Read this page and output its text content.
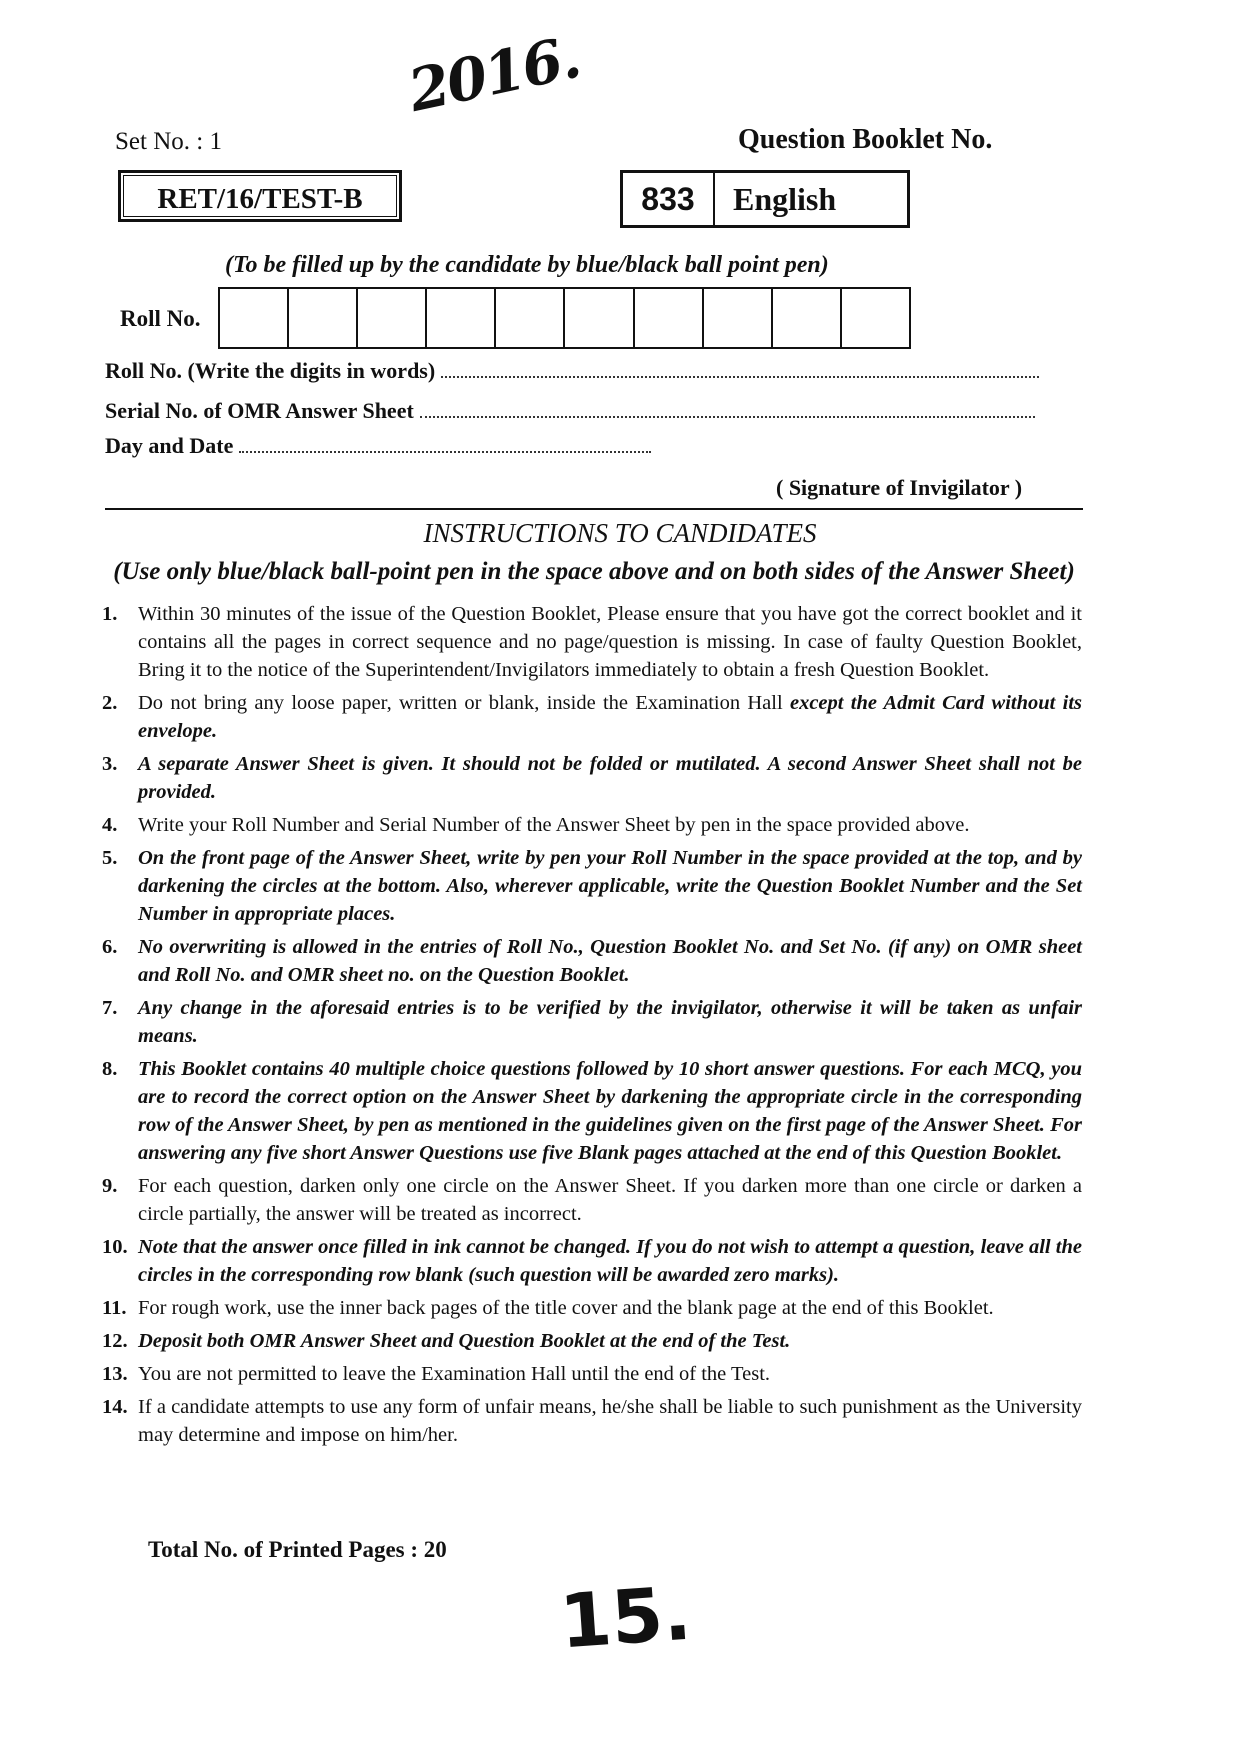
2016.
Set No. : 1	Question Booklet No.
RET/16/TEST-B	833	English
(To be filled up by the candidate by blue/black ball point pen)
Roll No.
Roll No. (Write the digits in words)
Serial No. of OMR Answer Sheet
Day and Date
( Signature of Invigilator )
INSTRUCTIONS TO CANDIDATES
(Use only blue/black ball-point pen in the space above and on both sides of the Answer Sheet)
1.	Within 30 minutes of the issue of the Question Booklet, Please ensure that you have got the correct booklet and it contains all the pages in correct sequence and no page/question is missing. In case of faulty Question Booklet, Bring it to the notice of the Superintendent/Invigilators immediately to obtain a fresh Question Booklet.
2.	Do not bring any loose paper, written or blank, inside the Examination Hall except the Admit Card without its envelope.
3.	A separate Answer Sheet is given. It should not be folded or mutilated. A second Answer Sheet shall not be provided.
4.	Write your Roll Number and Serial Number of the Answer Sheet by pen in the space provided above.
5.	On the front page of the Answer Sheet, write by pen your Roll Number in the space provided at the top, and by darkening the circles at the bottom. Also, wherever applicable, write the Question Booklet Number and the Set Number in appropriate places.
6.	No overwriting is allowed in the entries of Roll No., Question Booklet No. and Set No. (if any) on OMR sheet and Roll No. and OMR sheet no. on the Question Booklet.
7.	Any change in the aforesaid entries is to be verified by the invigilator, otherwise it will be taken as unfair means.
8.	This Booklet contains 40 multiple choice questions followed by 10 short answer questions. For each MCQ, you are to record the correct option on the Answer Sheet by darkening the appropriate circle in the corresponding row of the Answer Sheet, by pen as mentioned in the guidelines given on the first page of the Answer Sheet. For answering any five short Answer Questions use five Blank pages attached at the end of this Question Booklet.
9.	For each question, darken only one circle on the Answer Sheet. If you darken more than one circle or darken a circle partially, the answer will be treated as incorrect.
10. Note that the answer once filled in ink cannot be changed. If you do not wish to attempt a question, leave all the circles in the corresponding row blank (such question will be awarded zero marks).
11. For rough work, use the inner back pages of the title cover and the blank page at the end of this Booklet.
12. Deposit both OMR Answer Sheet and Question Booklet at the end of the Test.
13. You are not permitted to leave the Examination Hall until the end of the Test.
14. If a candidate attempts to use any form of unfair means, he/she shall be liable to such punishment as the University may determine and impose on him/her.
Total No. of Printed Pages : 20
15.
